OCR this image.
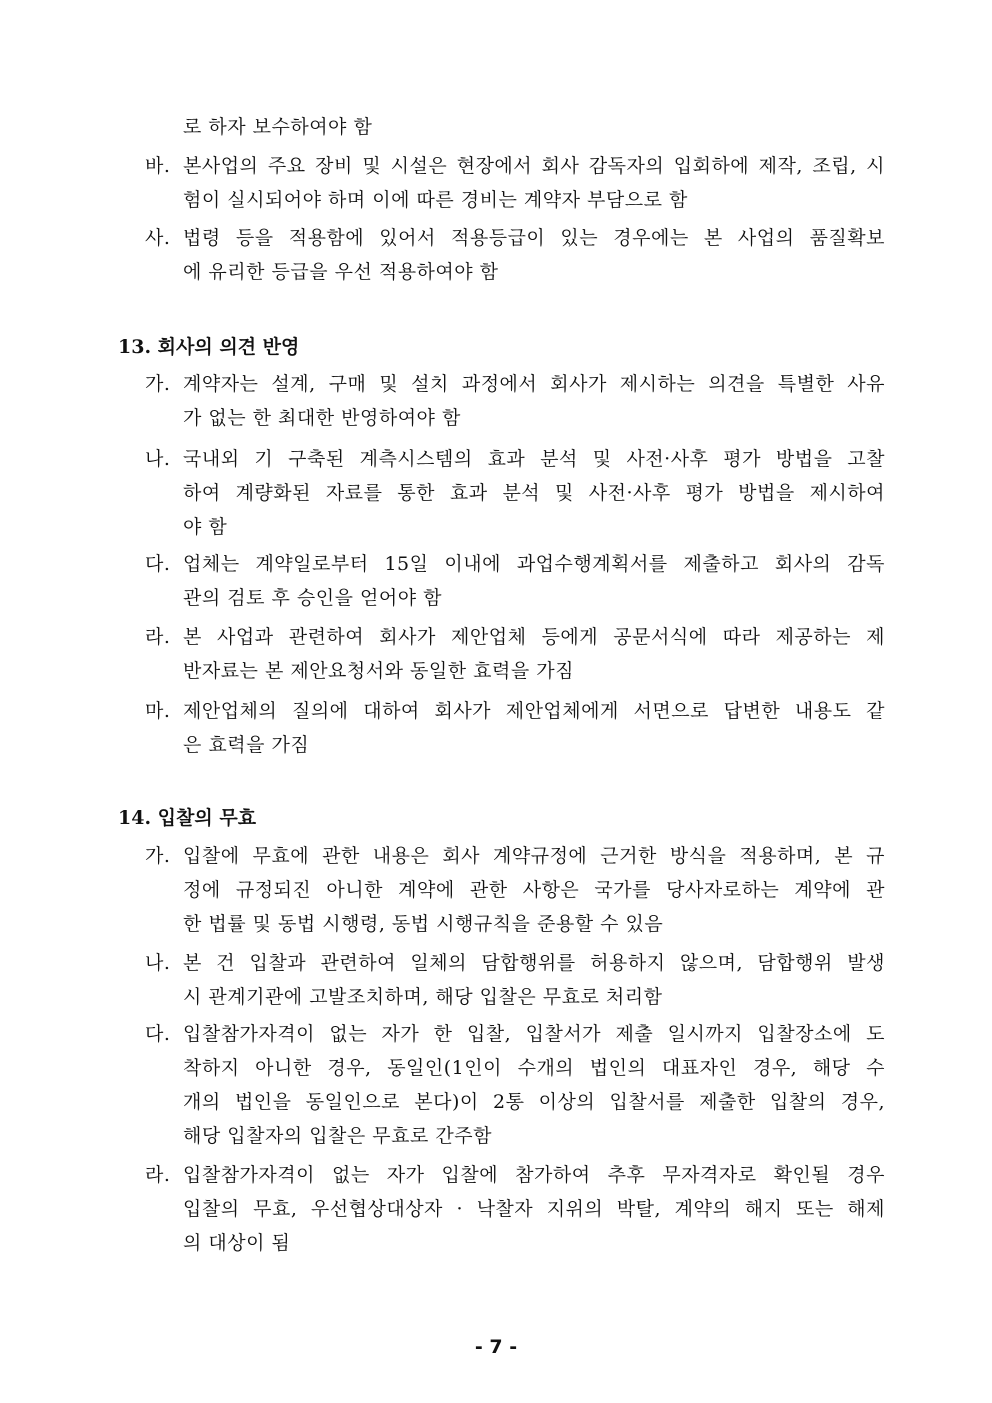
로 하자 보수하여야 함
바. 본사업의 주요 장비 및 시설은 현장에서 회사 감독자의 입회하에 제작, 조립, 시
험이 실시되어야 하며 이에 따른 경비는 계약자 부담으로 함
사. 법령 등을 적용함에 있어서 적용등급이 있는 경우에는 본 사업의 품질확보
에 유리한 등급을 우선 적용하여야 함
13. 회사의 의견 반영
가. 계약자는 설계, 구매 및 설치 과정에서 회사가 제시하는 의견을 특별한 사유
가 없는 한 최대한 반영하여야 함
나. 국내외 기 구축된 계측시스템의 효과 분석 및 사전·사후 평가 방법을 고찰
하여 계량화된 자료를 통한 효과 분석 및 사전·사후 평가 방법을 제시하여
야 함
다. 업체는 계약일로부터 15일 이내에 과업수행계획서를 제출하고 회사의 감독
관의 검토 후 승인을 얻어야 함
라. 본 사업과 관련하여 회사가 제안업체 등에게 공문서식에 따라 제공하는 제
반자료는 본 제안요청서와 동일한 효력을 가짐
마. 제안업체의 질의에 대하여 회사가 제안업체에게 서면으로 답변한 내용도 같
은 효력을 가짐
14. 입찰의 무효
가. 입찰에 무효에 관한 내용은 회사 계약규정에 근거한 방식을 적용하며, 본 규
정에 규정되진 아니한 계약에 관한 사항은 국가를 당사자로하는 계약에 관
한 법률 및 동법 시행령, 동법 시행규칙을 준용할 수 있음
나. 본 건 입찰과 관련하여 일체의 담합행위를 허용하지 않으며, 담합행위 발생
시 관계기관에 고발조치하며, 해당 입찰은 무효로 처리함
다. 입찰참가자격이 없는 자가 한 입찰, 입찰서가 제출 일시까지 입찰장소에 도
착하지 아니한 경우, 동일인(1인이 수개의 법인의 대표자인 경우, 해당 수
개의 법인을 동일인으로 본다)이 2통 이상의 입찰서를 제출한 입찰의 경우,
해당 입찰자의 입찰은 무효로 간주함
라. 입찰참가자격이 없는 자가 입찰에 참가하여 추후 무자격자로 확인될 경우
입찰의 무효, 우선협상대상자 · 낙찰자 지위의 박탈, 계약의 해지 또는 해제
의 대상이 됨
- 7 -
